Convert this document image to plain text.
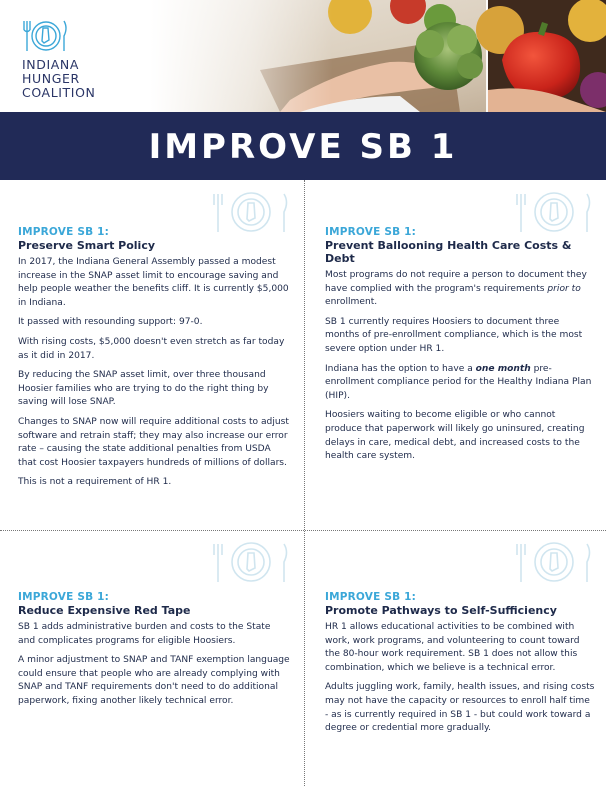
INDIANA
HUNGER
COALITION
IMPROVE SB 1
IMPROVE SB 1:
Preserve Smart Policy

In 2017, the Indiana General Assembly passed a modest increase in the SNAP asset limit to encourage saving and help people weather the benefits cliff. It is currently $5,000 in Indiana.

It passed with resounding support: 97-0.

With rising costs, $5,000 doesn't even stretch as far today as it did in 2017.

By reducing the SNAP asset limit, over three thousand Hoosier families who are trying to do the right thing by saving will lose SNAP.

Changes to SNAP now will require additional costs to adjust software and retrain staff; they may also increase our error rate – causing the state additional penalties from USDA that cost Hoosier taxpayers hundreds of millions of dollars.

This is not a requirement of HR 1.

IMPROVE SB 1:
Prevent Ballooning Health Care Costs & Debt

Most programs do not require a person to document they have complied with the program's requirements prior to enrollment.

SB 1 currently requires Hoosiers to document three months of pre-enrollment compliance, which is the most severe option under HR 1.

Indiana has the option to have a one month pre-enrollment compliance period for the Healthy Indiana Plan (HIP).

Hoosiers waiting to become eligible or who cannot produce that paperwork will likely go uninsured, creating delays in care, medical debt, and increased costs to the health care system.

IMPROVE SB 1:
Reduce Expensive Red Tape

SB 1 adds administrative burden and costs to the State and complicates programs for eligible Hoosiers.

A minor adjustment to SNAP and TANF exemption language could ensure that people who are already complying with SNAP and TANF requirements don't need to do additional paperwork, fixing another likely technical error.

IMPROVE SB 1:
Promote Pathways to Self-Sufficiency

HR 1 allows educational activities to be combined with work, work programs, and volunteering to count toward the 80-hour work requirement. SB 1 does not allow this combination, which we believe is a technical error.

Adults juggling work, family, health issues, and rising costs may not have the capacity or resources to enroll half time - as is currently required in SB 1 - but could work toward a degree or credential more gradually.
